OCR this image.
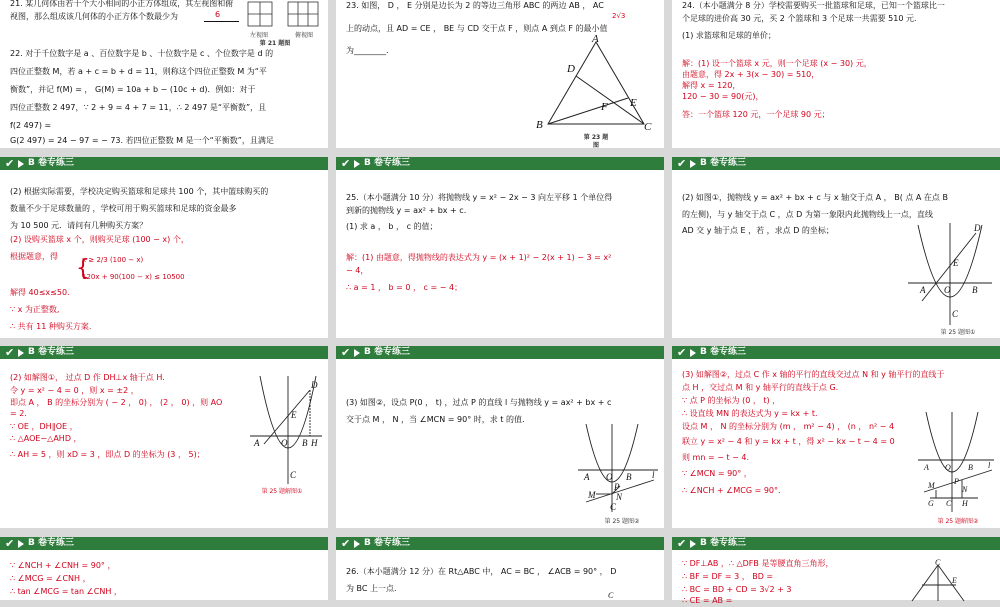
21. 某几何体由若干个大小相同的小正方体组成，其左视图和俯
视图，那么组成该几何体的小正方体个数最少为	6
左视图	俯视图
第 21 题图
22. 对于千位数字是 a 、百位数字是 b 、十位数字是 c 、个位数字是 d 的
四位正整数 M，若 a + c = b + d = 11，则称这个四位正整数 M 为“平
衡数”，并记 f(M) = ， G(M) = 10a + b − (10c + d)．例如：对于
四位正整数 2 497，∵ 2 + 9 = 4 + 7 = 11，∴ 2 497 是“平衡数”，且
f(2 497) =
G(2 497) = 24 − 97 = − 73. 若四位正整数 M 是一个“平衡数”，且满足
23. 如图， D ， E 分别是边长为 2 的等边三角形 ABC 的两边 AB ， AC
上的动点，且 AD = CE ， BE 与 CD 交于点 F ，则点 A 到点 F 的最小值
为________.
2√3
A
B	C
D
E
F
第 23 题
图
24.（本小题满分 8 分）学校需要购买一批篮球和足球，已知一个篮球比一
个足球的进价高 30 元，买 2 个篮球和 3 个足球一共需要 510 元.
(1) 求篮球和足球的单价；
解：(1) 设一个篮球 x 元，则一个足球 (x − 30) 元，
由题意，得 2x + 3(x − 30) = 510，
解得 x = 120，
120 − 30 = 90(元)，
答：一个篮球 120 元，一个足球 90 元；
✔ B 卷专练三
(2) 根据实际需要，学校决定购买篮球和足球共 100 个，其中篮球购买的
数量不少于足球数量的 ，学校可用于购买篮球和足球的资金最多
为 10 500 元．请问有几种购买方案？
(2) 设购买篮球 x 个，则购买足球 (100 − x) 个，
根据题意，得	x ≥ 2/3 (100 − x)
120x + 90(100 − x) ≤ 10500
{
解得 40≤x≤50.
∵ x 为正整数,
∴ 共有 11 种购买方案.
✔ B 卷专练三
25.（本小题满分 10 分）将抛物线 y = x² − 2x − 3 向左平移 1 个单位得
到新的抛物线 y = ax² + bx + c.
(1) 求 a ， b ， c 的值；
解：(1) 由题意，得抛物线的表达式为 y = (x + 1)² − 2(x + 1) − 3 = x²
− 4，
∴ a = 1 ， b = 0 ， c = − 4；
✔ B 卷专练三
(2) 如图①，抛物线 y = ax² + bx + c 与 x 轴交于点 A ， B( 点 A 在点 B
的左侧)，与 y 轴交于点 C ，点 D 为第一象限内此抛物线上一点，直线
AD 交 y 轴于点 E ，若 ，求点 D 的坐标；
A	B
O
D
E
C
第 25 题图①
✔ B 卷专练三
(2) 如解图①， 过点 D 作 DH⊥x 轴于点 H.
令 y = x² − 4 = 0 ，则 x = ±2 ，
即点 A ， B 的坐标分别为 ( − 2 ， 0) ， (2 ， 0) ，则 AO
= 2.
∵ OE ，DH∥OE ，
∴ △AOE∽△AHD ，
∴ AH = 5 ，则 xD = 3 ，即点 D 的坐标为 (3 ， 5)；
A	B
O
D
E
H
C
第 25 题解图①
✔ B 卷专练三
(3) 如图②，设点 P(0 ， t) ，过点 P 的直线 l 与抛物线 y = ax² + bx + c
交于点 M ， N ，当 ∠MCN = 90° 时，求 t 的值.
A	B
O
M N
P
C
l
第 25 题图②
✔ B 卷专练三
(3) 如解图②，过点 C 作 x 轴的平行的直线交过点 N 和 y 轴平行的直线于
点 H ，交过点 M 和 y 轴平行的直线于点 G.
∵ 点 P 的坐标为 (0 ， t) ，
∴ 设直线 MN 的表达式为 y = kx + t.
设点 M ， N 的坐标分别为 (m ， m² − 4) ， (n ， n² − 4
联立 y = x² − 4 和 y = kx + t ，得 x² − kx − t − 4 = 0
则 mn = − t − 4.
∵ ∠MCN = 90° ，
∴ ∠NCH + ∠MCG = 90°.
A	B
O
M	N
P
G C H
l
第 25 题解图②
✔ B 卷专练三
∵ ∠NCH + ∠CNH = 90° ，
∴ ∠MCG = ∠CNH ，
∴ tan ∠MCG = tan ∠CNH ，
✔ B 卷专练三
26.（本小题满分 12 分）在 Rt△ABC 中， AC = BC ， ∠ACB = 90° ， D
为 BC 上一点.
C
✔ B 卷专练三
∵ DF⊥AB ，∴ △DFB 是等腰直角三角形，
∴ BF = DF = 3 ， BD =
∴ BC = BD + CD = 3√2 + 3
∴ CE = AB =
C
E
